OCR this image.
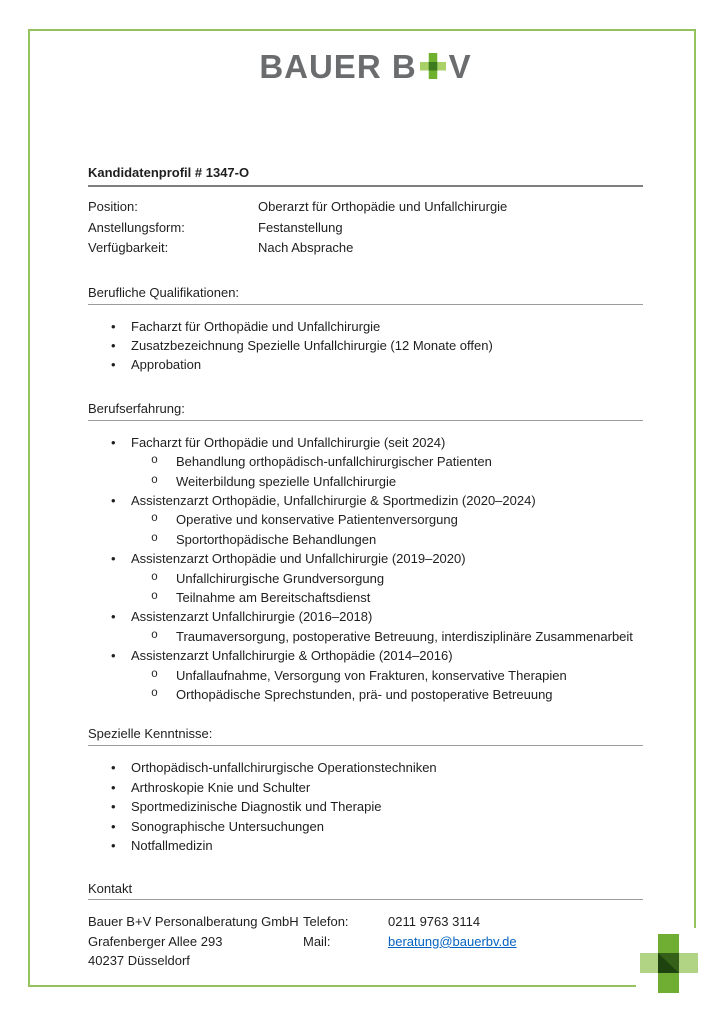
BAUER B V
Kandidatenprofil # 1347-O
Position:	Oberarzt für Orthopädie und Unfallchirurgie
Anstellungsform:	Festanstellung
Verfügbarkeit:	Nach Absprache
Berufliche Qualifikationen:
• Facharzt für Orthopädie und Unfallchirurgie
• Zusatzbezeichnung Spezielle Unfallchirurgie (12 Monate offen)
• Approbation
Berufserfahrung:
• Facharzt für Orthopädie und Unfallchirurgie (seit 2024)
o Behandlung orthopädisch-unfallchirurgischer Patienten
o Weiterbildung spezielle Unfallchirurgie
• Assistenzarzt Orthopädie, Unfallchirurgie & Sportmedizin (2020–2024)
o Operative und konservative Patientenversorgung
o Sportorthopädische Behandlungen
• Assistenzarzt Orthopädie und Unfallchirurgie (2019–2020)
o Unfallchirurgische Grundversorgung
o Teilnahme am Bereitschaftsdienst
• Assistenzarzt Unfallchirurgie (2016–2018)
o Traumaversorgung, postoperative Betreuung, interdisziplinäre Zusammenarbeit
• Assistenzarzt Unfallchirurgie & Orthopädie (2014–2016)
o Unfallaufnahme, Versorgung von Frakturen, konservative Therapien
o Orthopädische Sprechstunden, prä- und postoperative Betreuung
Spezielle Kenntnisse:
• Orthopädisch-unfallchirurgische Operationstechniken
• Arthroskopie Knie und Schulter
• Sportmedizinische Diagnostik und Therapie
• Sonographische Untersuchungen
• Notfallmedizin
Kontakt
Bauer B+V Personalberatung GmbH Telefon:	0211 9763 3114
Grafenberger Allee 293	Mail:	beratung@bauerbv.de
40237 Düsseldorf
